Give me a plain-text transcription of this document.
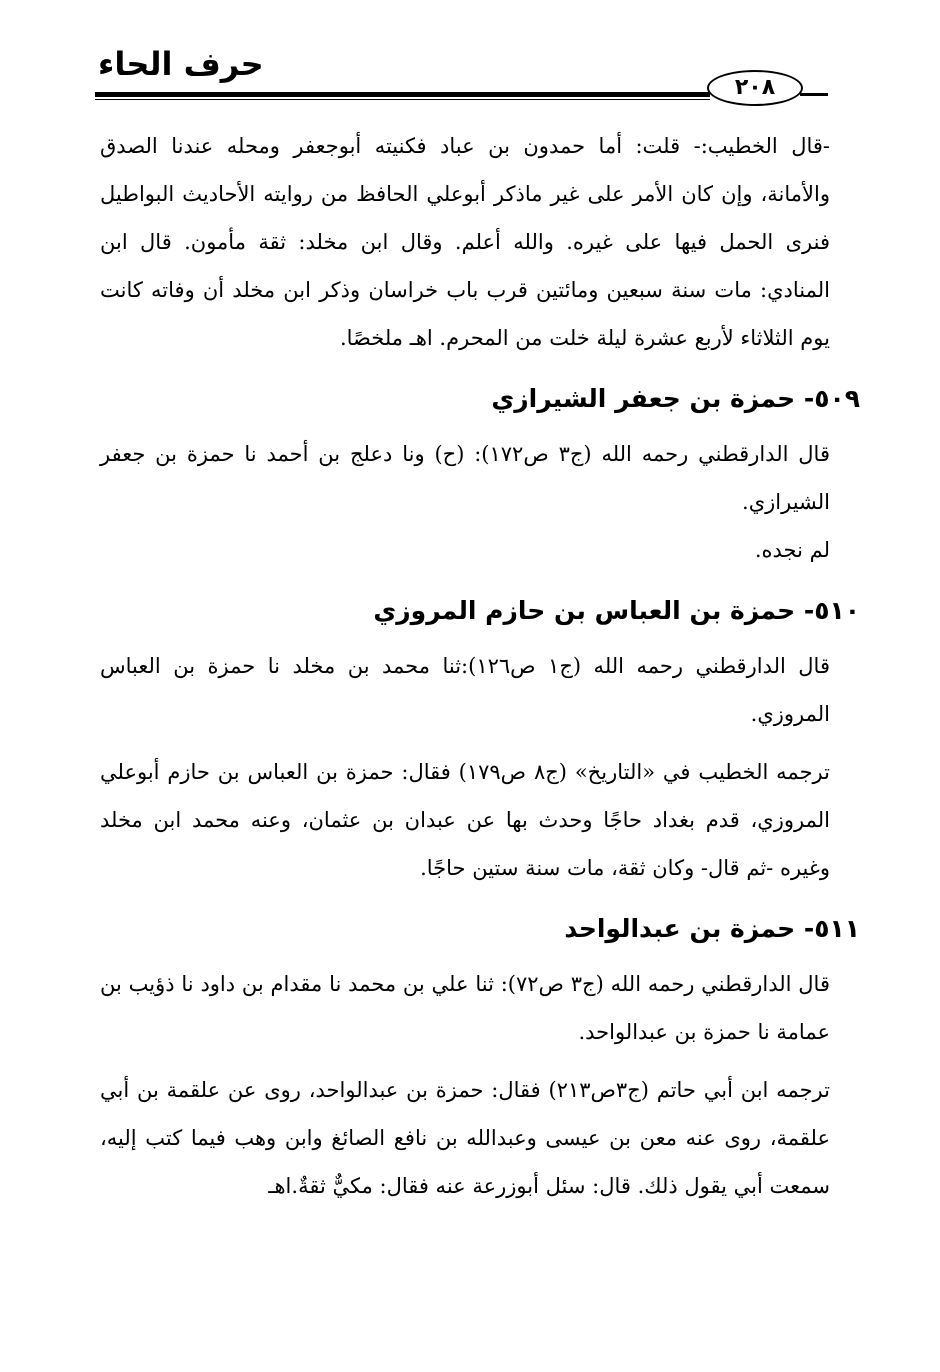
حرف الحاء
٢٠٨

-قال الخطيب:- قلت: أما حمدون بن عباد فكنيته أبوجعفر ومحله عندنا الصدق والأمانة، وإن كان الأمر على غير ماذكر أبوعلي الحافظ من روايته الأحاديث البواطيل فنرى الحمل فيها على غيره. والله أعلم. وقال ابن مخلد: ثقة مأمون. قال ابن المنادي: مات سنة سبعين ومائتين قرب باب خراسان وذكر ابن مخلد أن وفاته كانت يوم الثلاثاء لأربع عشرة ليلة خلت من المحرم. اهـ ملخصًا.

٥٠٩- حمزة بن جعفر الشيرازي

قال الدارقطني رحمه الله (ج٣ ص١٧٢): (ح) ونا دعلج بن أحمد نا حمزة بن جعفر الشيرازي.

لم نجده.

٥١٠- حمزة بن العباس بن حازم المروزي

قال الدارقطني رحمه الله (ج١ ص١٢٦):ثنا محمد بن مخلد نا حمزة بن العباس المروزي.

ترجمه الخطيب في «التاريخ» (ج٨ ص١٧٩) فقال: حمزة بن العباس بن حازم أبوعلي المروزي، قدم بغداد حاجًا وحدث بها عن عبدان بن عثمان، وعنه محمد ابن مخلد وغيره -ثم قال- وكان ثقة، مات سنة ستين حاجًا.

٥١١- حمزة بن عبدالواحد

قال الدارقطني رحمه الله (ج٣ ص٧٢): ثنا علي بن محمد نا مقدام بن داود نا ذؤيب بن عمامة نا حمزة بن عبدالواحد.

ترجمه ابن أبي حاتم (ج٣ص٢١٣) فقال: حمزة بن عبدالواحد، روى عن علقمة بن أبي علقمة، روى عنه معن بن عيسى وعبدالله بن نافع الصائغ وابن وهب فيما كتب إليه، سمعت أبي يقول ذلك. قال: سئل أبوزرعة عنه فقال: مكيٌّ ثقةٌ.اهـ
